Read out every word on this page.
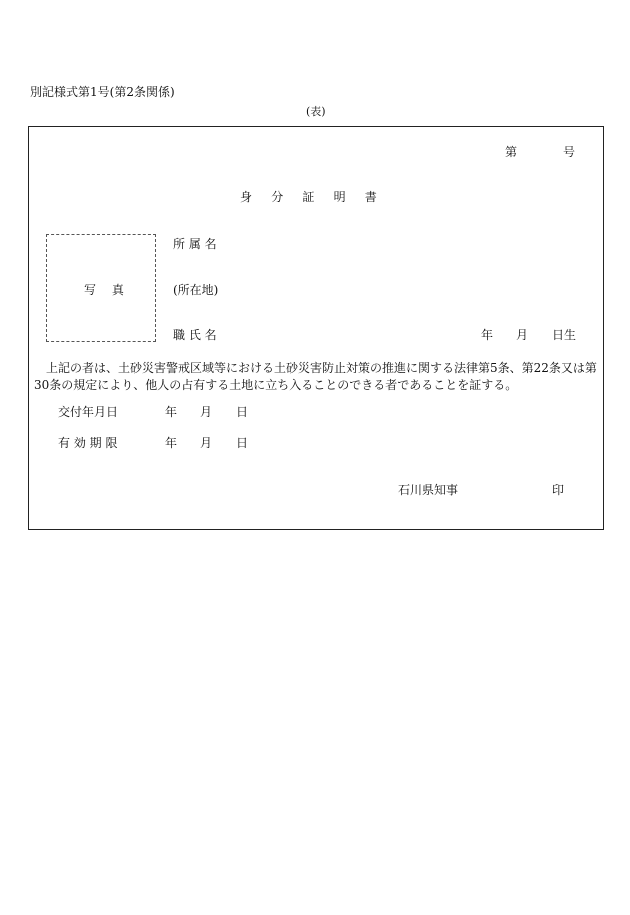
別記様式第1号(第2条関係)
(表)
第	号
身分証明書
写 真
所 属 名
(所在地)
職 氏 名	年 月 日生
上記の者は、土砂災害警戒区域等における土砂災害防止対策の推進に関する法律第5条、第22条又は第30条の規定により、他人の占有する土地に立ち入ることのできる者であることを証する。
交付年月日	年 月 日
有 効 期 限	年 月 日
石川県知事	印
